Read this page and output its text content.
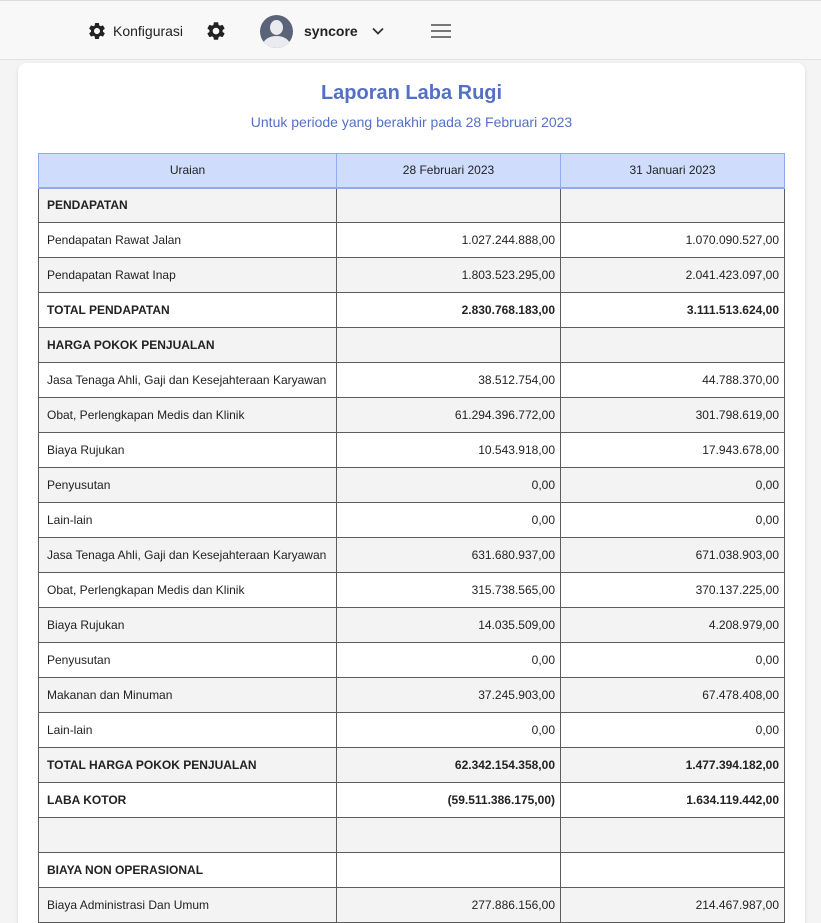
Konfigurasi	syncore
Laporan Laba Rugi
Untuk periode yang berakhir pada 28 Februari 2023
Uraian	28 Februari 2023	31 Januari 2023
PENDAPATAN		
Pendapatan Rawat Jalan	1.027.244.888,00	1.070.090.527,00
Pendapatan Rawat Inap	1.803.523.295,00	2.041.423.097,00
TOTAL PENDAPATAN	2.830.768.183,00	3.111.513.624,00
HARGA POKOK PENJUALAN		
Jasa Tenaga Ahli, Gaji dan Kesejahteraan Karyawan	38.512.754,00	44.788.370,00
Obat, Perlengkapan Medis dan Klinik	61.294.396.772,00	301.798.619,00
Biaya Rujukan	10.543.918,00	17.943.678,00
Penyusutan	0,00	0,00
Lain-lain	0,00	0,00
Jasa Tenaga Ahli, Gaji dan Kesejahteraan Karyawan	631.680.937,00	671.038.903,00
Obat, Perlengkapan Medis dan Klinik	315.738.565,00	370.137.225,00
Biaya Rujukan	14.035.509,00	4.208.979,00
Penyusutan	0,00	0,00
Makanan dan Minuman	37.245.903,00	67.478.408,00
Lain-lain	0,00	0,00
TOTAL HARGA POKOK PENJUALAN	62.342.154.358,00	1.477.394.182,00
LABA KOTOR	(59.511.386.175,00)	1.634.119.442,00

BIAYA NON OPERASIONAL		
Biaya Administrasi Dan Umum	277.886.156,00	214.467.987,00
